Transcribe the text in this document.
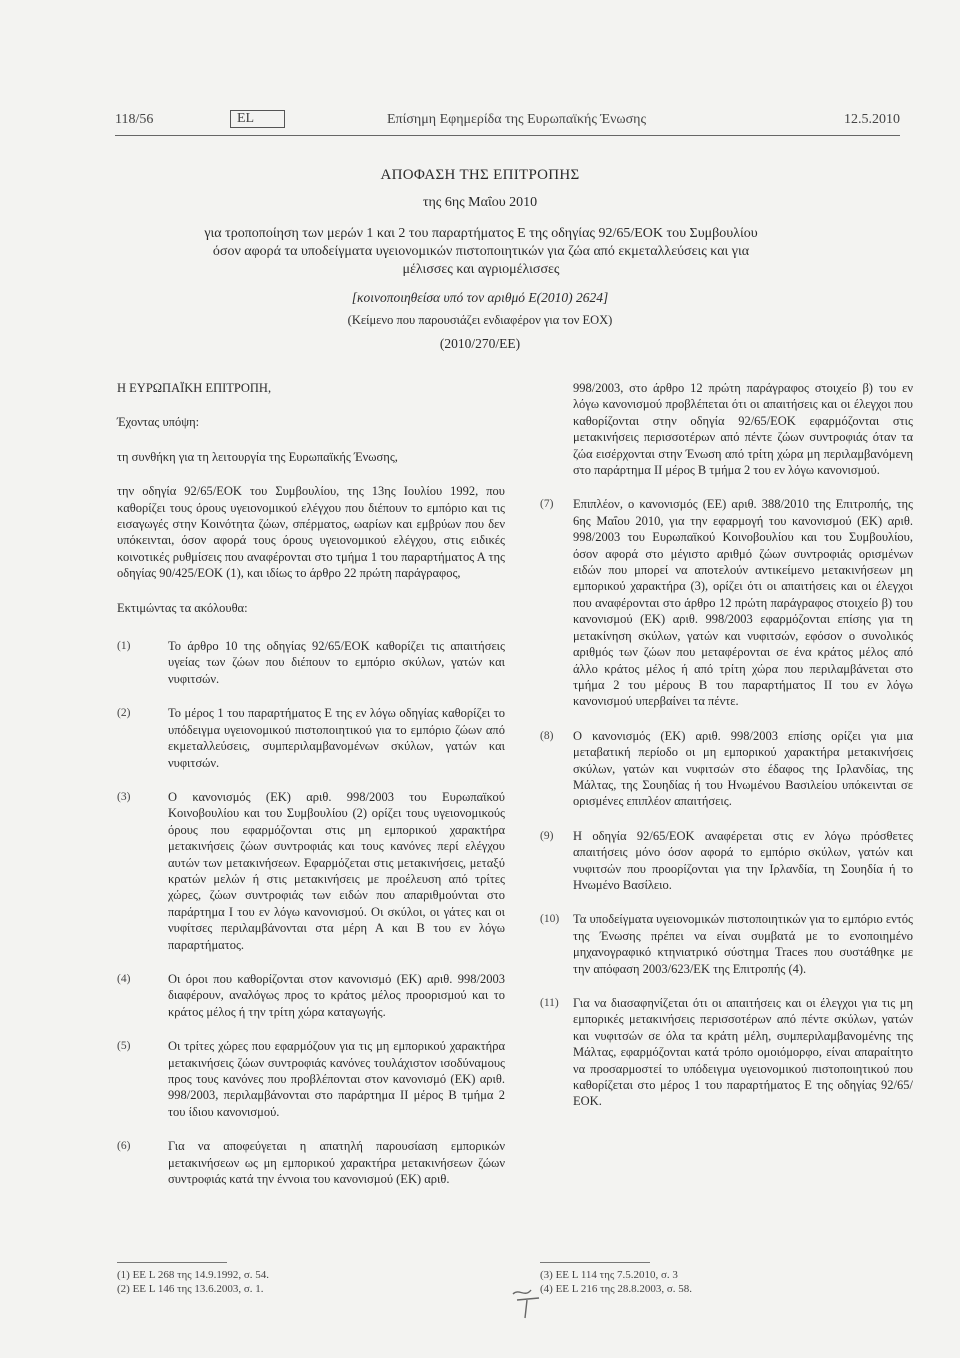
118/56	EL	Επίσημη Εφημερίδα της Ευρωπαϊκής Ένωσης	12.5.2010
ΑΠΟΦΑΣΗ ΤΗΣ ΕΠΙΤΡΟΠΗΣ
της 6ης Μαΐου 2010
για τροποποίηση των μερών 1 και 2 του παραρτήματος Ε της οδηγίας 92/65/ΕΟΚ του Συμβουλίου όσον αφορά τα υποδείγματα υγειονομικών πιστοποιητικών για ζώα από εκμεταλλεύσεις και για μέλισσες και αγριομέλισσες
[κοινοποιηθείσα υπό τον αριθμό Ε(2010) 2624]
(Κείμενο που παρουσιάζει ενδιαφέρον για τον ΕΟΧ)
(2010/270/ΕΕ)

Η ΕΥΡΩΠΑΪΚΗ ΕΠΙΤΡΟΠΗ,

Έχοντας υπόψη:

τη συνθήκη για τη λειτουργία της Ευρωπαϊκής Ένωσης,

την οδηγία 92/65/ΕΟΚ του Συμβουλίου, της 13ης Ιουλίου 1992, που καθορίζει τους όρους υγειονομικού ελέγχου που διέπουν το εμπόριο και τις εισαγωγές στην Κοινότητα ζώων, σπέρματος, ωαρίων και εμβρύων που δεν υπόκεινται, όσον αφορά τους όρους υγειονομικού ελέγχου, στις ειδικές κοινοτικές ρυθμίσεις που αναφέρονται στο τμήμα 1 του παραρτήματος Α της οδηγίας 90/425/ΕΟΚ (1), και ιδίως το άρθρο 22 πρώτη παράγραφος,

Εκτιμώντας τα ακόλουθα:

(1)	Το άρθρο 10 της οδηγίας 92/65/ΕΟΚ καθορίζει τις απαιτήσεις υγείας των ζώων που διέπουν το εμπόριο σκύλων, γατών και νυφιτσών.
(2)	Το μέρος 1 του παραρτήματος Ε της εν λόγω οδηγίας καθορίζει το υπόδειγμα υγειονομικού πιστοποιητικού για το εμπόριο ζώων από εκμεταλλεύσεις, συμπεριλαμβανομένων σκύλων, γατών και νυφιτσών.
(3)	Ο κανονισμός (ΕΚ) αριθ. 998/2003 του Ευρωπαϊκού Κοινοβουλίου και του Συμβουλίου (2) ορίζει τους υγειονομικούς όρους που εφαρμόζονται στις μη εμπορικού χαρακτήρα μετακινήσεις ζώων συντροφιάς και τους κανόνες περί ελέγχου αυτών των μετακινήσεων. Εφαρμόζεται στις μετακινήσεις, μεταξύ κρατών μελών ή στις μετακινήσεις με προέλευση από τρίτες χώρες, ζώων συντροφιάς των ειδών που απαριθμούνται στο παράρτημα Ι του εν λόγω κανονισμού. Οι σκύλοι, οι γάτες και οι νυφίτσες περιλαμβάνονται στα μέρη Α και Β του εν λόγω παραρτήματος.
(4)	Οι όροι που καθορίζονται στον κανονισμό (ΕΚ) αριθ. 998/2003 διαφέρουν, αναλόγως προς το κράτος μέλος προορισμού και το κράτος μέλος ή την τρίτη χώρα καταγωγής.
(5)	Οι τρίτες χώρες που εφαρμόζουν για τις μη εμπορικού χαρακτήρα μετακινήσεις ζώων συντροφιάς κανόνες τουλάχιστον ισοδύναμους προς τους κανόνες που προβλέπονται στον κανονισμό (ΕΚ) αριθ. 998/2003, περιλαμβάνονται στο παράρτημα ΙΙ μέρος Β τμήμα 2 του ίδιου κανονισμού.
(6)	Για να αποφεύγεται η απατηλή παρουσίαση εμπορικών μετακινήσεων ως μη εμπορικού χαρακτήρα μετακινήσεων ζώων συντροφιάς κατά την έννοια του κανονισμού (ΕΚ) αριθ.
998/2003, στο άρθρο 12 πρώτη παράγραφος στοιχείο β) του εν λόγω κανονισμού προβλέπεται ότι οι απαιτήσεις και οι έλεγχοι που καθορίζονται στην οδηγία 92/65/ΕΟΚ εφαρμόζονται στις μετακινήσεις περισσοτέρων από πέντε ζώων συντροφιάς όταν τα ζώα εισέρχονται στην Ένωση από τρίτη χώρα μη περιλαμβανόμενη στο παράρτημα ΙΙ μέρος Β τμήμα 2 του εν λόγω κανονισμού.
(7)	Επιπλέον, ο κανονισμός (ΕΕ) αριθ. 388/2010 της Επιτροπής, της 6ης Μαΐου 2010, για την εφαρμογή του κανονισμού (ΕΚ) αριθ. 998/2003 του Ευρωπαϊκού Κοινοβουλίου και του Συμβουλίου, όσον αφορά στο μέγιστο αριθμό ζώων συντροφιάς ορισμένων ειδών που μπορεί να αποτελούν αντικείμενο μετακινήσεων μη εμπορικού χαρακτήρα (3), ορίζει ότι οι απαιτήσεις και οι έλεγχοι που αναφέρονται στο άρθρο 12 πρώτη παράγραφος στοιχείο β) του κανονισμού (ΕΚ) αριθ. 998/2003 εφαρμόζονται επίσης για τη μετακίνηση σκύλων, γατών και νυφιτσών, εφόσον ο συνολικός αριθμός των ζώων που μεταφέρονται σε ένα κράτος μέλος από άλλο κράτος μέλος ή από τρίτη χώρα που περιλαμβάνεται στο τμήμα 2 του μέρους Β του παραρτήματος ΙΙ του εν λόγω κανονισμού υπερβαίνει τα πέντε.
(8)	Ο κανονισμός (ΕΚ) αριθ. 998/2003 επίσης ορίζει για μια μεταβατική περίοδο οι μη εμπορικού χαρακτήρα μετακινήσεις σκύλων, γατών και νυφιτσών στο έδαφος της Ιρλανδίας, της Μάλτας, της Σουηδίας ή του Ηνωμένου Βασιλείου υπόκεινται σε ορισμένες επιπλέον απαιτήσεις.
(9)	Η οδηγία 92/65/ΕΟΚ αναφέρεται στις εν λόγω πρόσθετες απαιτήσεις μόνο όσον αφορά το εμπόριο σκύλων, γατών και νυφιτσών που προορίζονται για την Ιρλανδία, τη Σουηδία ή το Ηνωμένο Βασίλειο.
(10)	Τα υποδείγματα υγειονομικών πιστοποιητικών για το εμπόριο εντός της Ένωσης πρέπει να είναι συμβατά με το ενοποιημένο μηχανογραφικό κτηνιατρικό σύστημα Traces που συστάθηκε με την απόφαση 2003/623/ΕΚ της Επιτροπής (4).
(11)	Για να διασαφηνίζεται ότι οι απαιτήσεις και οι έλεγχοι για τις μη εμπορικές μετακινήσεις περισσοτέρων από πέντε σκύλων, γατών και νυφιτσών σε όλα τα κράτη μέλη, συμπεριλαμβανομένης της Μάλτας, εφαρμόζονται κατά τρόπο ομοιόμορφο, είναι απαραίτητο να προσαρμοστεί το υπόδειγμα υγειονομικού πιστοποιητικού που καθορίζεται στο μέρος 1 του παραρτήματος Ε της οδηγίας 92/65/ΕΟΚ.
(1) ΕΕ L 268 της 14.9.1992, σ. 54.
(2) ΕΕ L 146 της 13.6.2003, σ. 1.
(3) ΕΕ L 114 της 7.5.2010, σ. 3
(4) ΕΕ L 216 της 28.8.2003, σ. 58.
